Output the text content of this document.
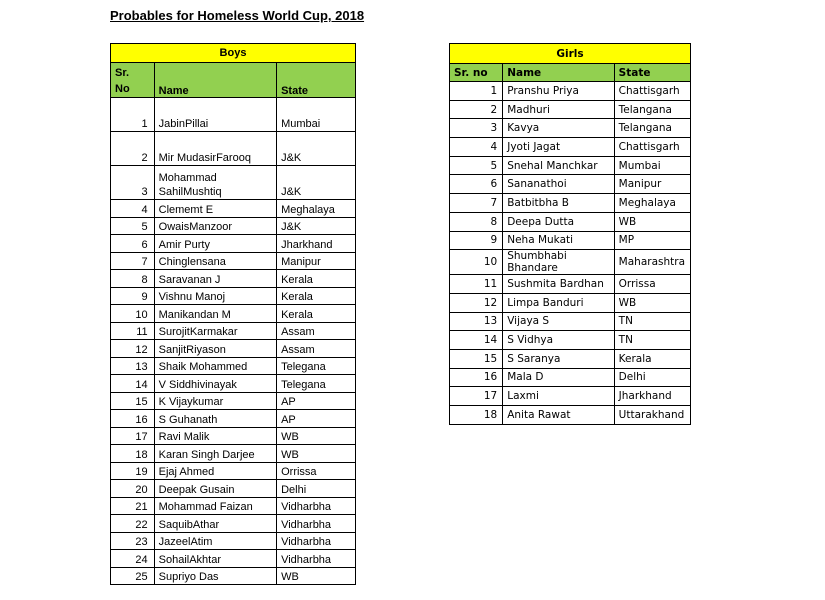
Probables for Homeless World Cup, 2018
Boys		
Sr.
No	Name	State
1	JabinPillai	Mumbai
2	Mir MudasirFarooq	J&K
3	Mohammad SahilMushtiq	J&K
4	Clememt E	Meghalaya
5	OwaisManzoor	J&K
6	Amir Purty	Jharkhand
7	Chinglensana	Manipur
8	Saravanan J	Kerala
9	Vishnu Manoj	Kerala
10	Manikandan M	Kerala
11	SurojitKarmakar	Assam
12	SanjitRiyason	Assam
13	Shaik Mohammed	Telegana
14	V Siddhivinayak	Telegana
15	K Vijaykumar	AP
16	S Guhanath	AP
17	Ravi Malik	WB
18	Karan Singh Darjee	WB
19	Ejaj Ahmed	Orrissa
20	Deepak Gusain	Delhi
21	Mohammad Faizan	Vidharbha
22	SaquibAthar	Vidharbha
23	JazeelAtim	Vidharbha
24	SohailAkhtar	Vidharbha
25	Supriyo Das	WB
Girls		
Sr. no	Name	State
1	Pranshu Priya	Chattisgarh
2	Madhuri	Telangana
3	Kavya	Telangana
4	Jyoti Jagat	Chattisgarh
5	Snehal Manchkar	Mumbai
6	Sananathoi	Manipur
7	Batbitbha B	Meghalaya
8	Deepa Dutta	WB
9	Neha Mukati	MP
10	Shumbhabi Bhandare	Maharashtra
11	Sushmita Bardhan	Orrissa
12	Limpa Banduri	WB
13	Vijaya S	TN
14	S Vidhya	TN
15	S Saranya	Kerala
16	Mala D	Delhi
17	Laxmi	Jharkhand
18	Anita Rawat	Uttarakhand
